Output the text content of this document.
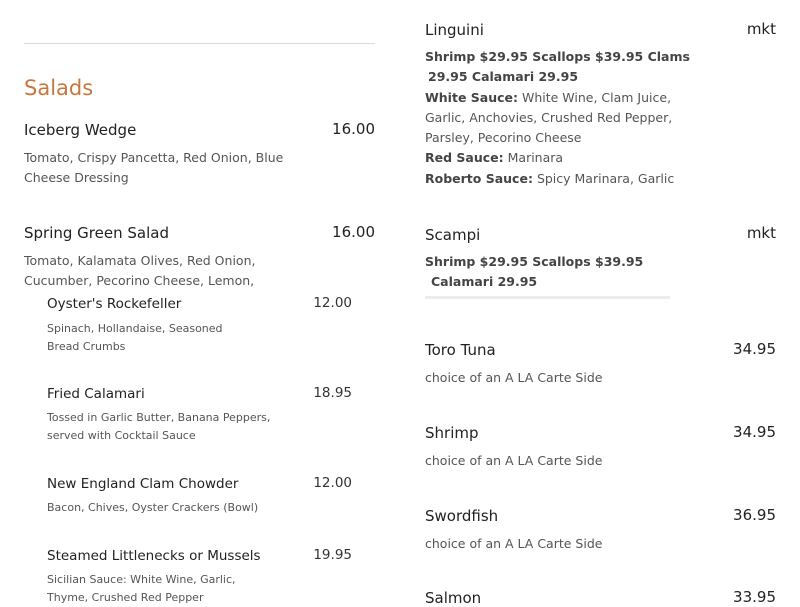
Salads
Iceberg Wedge	16.00
Tomato, Crispy Pancetta, Red Onion, Blue Cheese Dressing
Spring Green Salad	16.00
Tomato, Kalamata Olives, Red Onion, Cucumber, Pecorino Cheese, Lemon,
Oyster's Rockefeller	12.00
Spinach, Hollandaise, Seasoned Bread Crumbs
Fried Calamari	18.95
Tossed in Garlic Butter, Banana Peppers, served with Cocktail Sauce
New England Clam Chowder	12.00
Bacon, Chives, Oyster Crackers (Bowl)
Steamed Littlenecks or Mussels	19.95
Sicilian Sauce: White Wine, Garlic, Thyme, Crushed Red Pepper
Linguini	mkt
Shrimp $29.95 Scallops $39.95 Clams
29.95 Calamari 29.95
White Sauce: White Wine, Clam Juice, Garlic, Anchovies, Crushed Red Pepper, Parsley, Pecorino Cheese
Red Sauce: Marinara
Roberto Sauce: Spicy Marinara, Garlic
Scampi	mkt
Shrimp $29.95 Scallops $39.95
Calamari 29.95
Toro Tuna	34.95
choice of an A LA Carte Side
Shrimp	34.95
choice of an A LA Carte Side
Swordfish	36.95
choice of an A LA Carte Side
Salmon	33.95
